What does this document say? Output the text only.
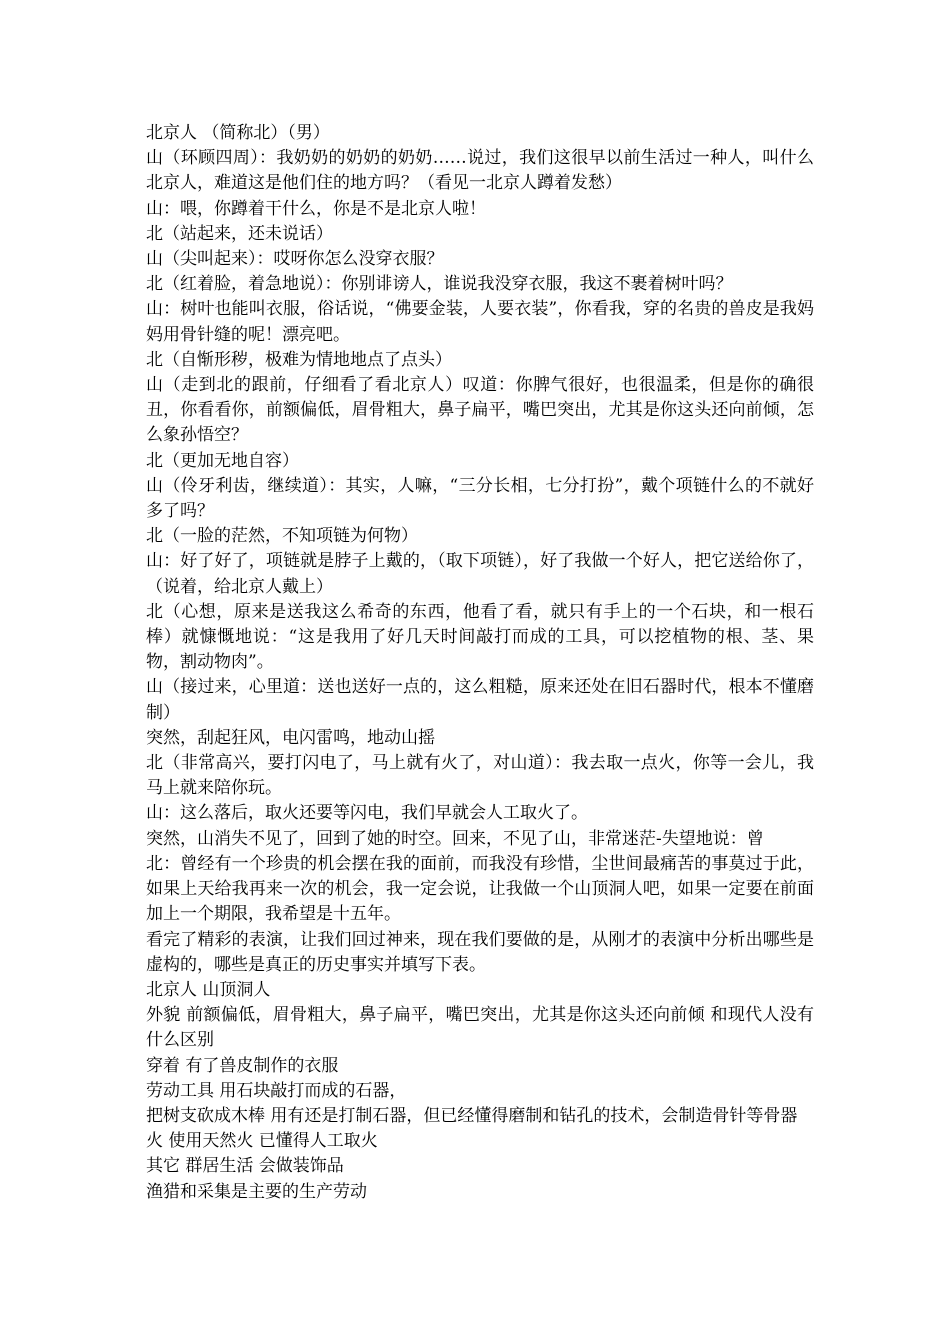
北京人 （简称北）（男）

山（环顾四周）：我奶奶的奶奶的奶奶……说过，我们这很早以前生活过一种人，叫什么北京人，难道这是他们住的地方吗？（看见一北京人蹲着发愁）

山：喂，你蹲着干什么，你是不是北京人啦！

北（站起来，还未说话）

山（尖叫起来）：哎呀你怎么没穿衣服？

北（红着脸，着急地说）：你别诽谤人，谁说我没穿衣服，我这不裹着树叶吗？

山：树叶也能叫衣服，俗话说，“佛要金装，人要衣装”，你看我，穿的名贵的兽皮是我妈妈用骨针缝的呢！漂亮吧。

北（自惭形秽，极难为情地地点了点头）

山（走到北的跟前，仔细看了看北京人）叹道：你脾气很好，也很温柔，但是你的确很丑，你看看你，前额偏低，眉骨粗大，鼻子扁平，嘴巴突出，尤其是你这头还向前倾，怎么象孙悟空？

北（更加无地自容）

山（伶牙利齿，继续道）：其实，人嘛，“三分长相，七分打扮”，戴个项链什么的不就好多了吗？

北（一脸的茫然，不知项链为何物）

山：好了好了，项链就是脖子上戴的，（取下项链），好了我做一个好人，把它送给你了，（说着，给北京人戴上）

北（心想，原来是送我这么希奇的东西，他看了看，就只有手上的一个石块，和一根石棒）就慷慨地说：“这是我用了好几天时间敲打而成的工具，可以挖植物的根、茎、果物，割动物肉”。

山（接过来，心里道：送也送好一点的，这么粗糙，原来还处在旧石器时代，根本不懂磨制）

突然，刮起狂风，电闪雷鸣，地动山摇

北（非常高兴，要打闪电了，马上就有火了，对山道）：我去取一点火，你等一会儿，我马上就来陪你玩。

山：这么落后，取火还要等闪电，我们早就会人工取火了。

突然，山消失不见了，回到了她的时空。回来，不见了山，非常迷茫-失望地说：曾

北：曾经有一个珍贵的机会摆在我的面前，而我没有珍惜，尘世间最痛苦的事莫过于此，如果上天给我再来一次的机会，我一定会说，让我做一个山顶洞人吧，如果一定要在前面加上一个期限，我希望是十五年。

看完了精彩的表演，让我们回过神来，现在我们要做的是，从刚才的表演中分析出哪些是虚构的，哪些是真正的历史事实并填写下表。

北京人 山顶洞人

外貌 前额偏低，眉骨粗大，鼻子扁平，嘴巴突出，尤其是你这头还向前倾 和现代人没有什么区别

穿着 有了兽皮制作的衣服

劳动工具 用石块敲打而成的石器，

把树支砍成木棒 用有还是打制石器，但已经懂得磨制和钻孔的技术，会制造骨针等骨器

火 使用天然火 已懂得人工取火

其它 群居生活 会做装饰品

渔猎和采集是主要的生产劳动
